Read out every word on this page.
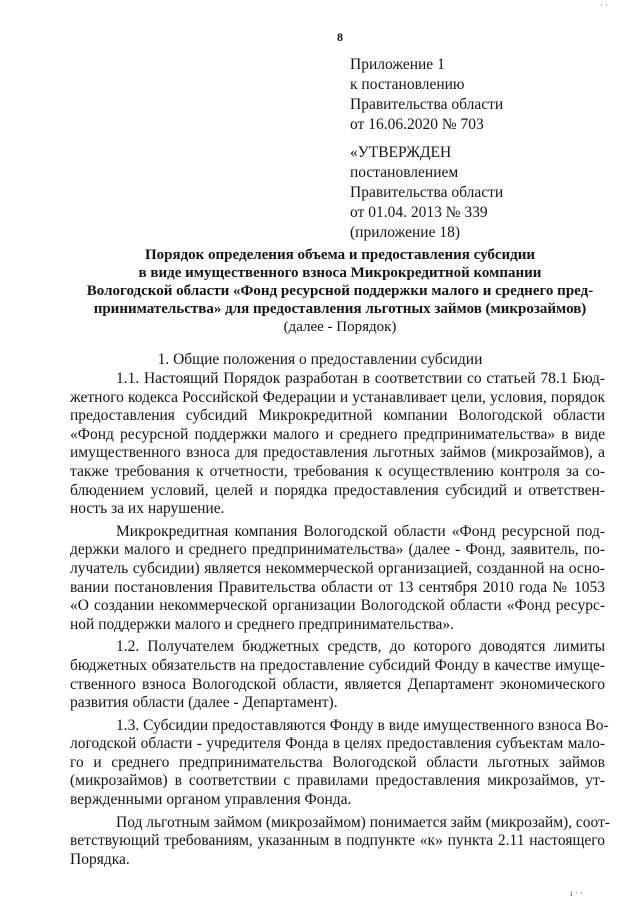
8
Приложение 1
к постановлению
Правительства области
от 16.06.2020 № 703
«УТВЕРЖДЕН
постановлением
Правительства области
от 01.04. 2013 № 339
(приложение 18)
Порядок определения объема и предоставления субсидии
в виде имущественного взноса Микрокредитной компании
Вологодской области «Фонд ресурсной поддержки малого и среднего пред-
принимательства» для предоставления льготных займов (микрозаймов)
(далее - Порядок)
1. Общие положения о предоставлении субсидии
1.1. Настоящий Порядок разработан в соответствии со статьей 78.1 Бюд-
жетного кодекса Российской Федерации и устанавливает цели, условия, порядок
предоставления субсидий Микрокредитной компании Вологодской области
«Фонд ресурсной поддержки малого и среднего предпринимательства» в виде
имущественного взноса для предоставления льготных займов (микрозаймов), а
также требования к отчетности, требования к осуществлению контроля за со-
блюдением условий, целей и порядка предоставления субсидий и ответствен-
ность за их нарушение.
Микрокредитная компания Вологодской области «Фонд ресурсной под-
держки малого и среднего предпринимательства» (далее - Фонд, заявитель, по-
лучатель субсидии) является некоммерческой организацией, созданной на осно-
вании постановления Правительства области от 13 сентября 2010 года № 1053
«О создании некоммерческой организации Вологодской области «Фонд ресурс-
ной поддержки малого и среднего предпринимательства».
1.2. Получателем бюджетных средств, до которого доводятся лимиты
бюджетных обязательств на предоставление субсидий Фонду в качестве имуще-
ственного взноса Вологодской области, является Департамент экономического
развития области (далее - Департамент).
1.3. Субсидии предоставляются Фонду в виде имущественного взноса Во-
логодской области - учредителя Фонда в целях предоставления субъектам мало-
го и среднего предпринимательства Вологодской области льготных займов
(микрозаймов) в соответствии с правилами предоставления микрозаймов, ут-
вержденными органом управления Фонда.
Под льготным займом (микрозаймом) понимается займ (микрозайм), соот-
ветствующий требованиям, указанным в подпункте «к» пункта 2.11 настоящего
Порядка.
· ·
ı · ·
